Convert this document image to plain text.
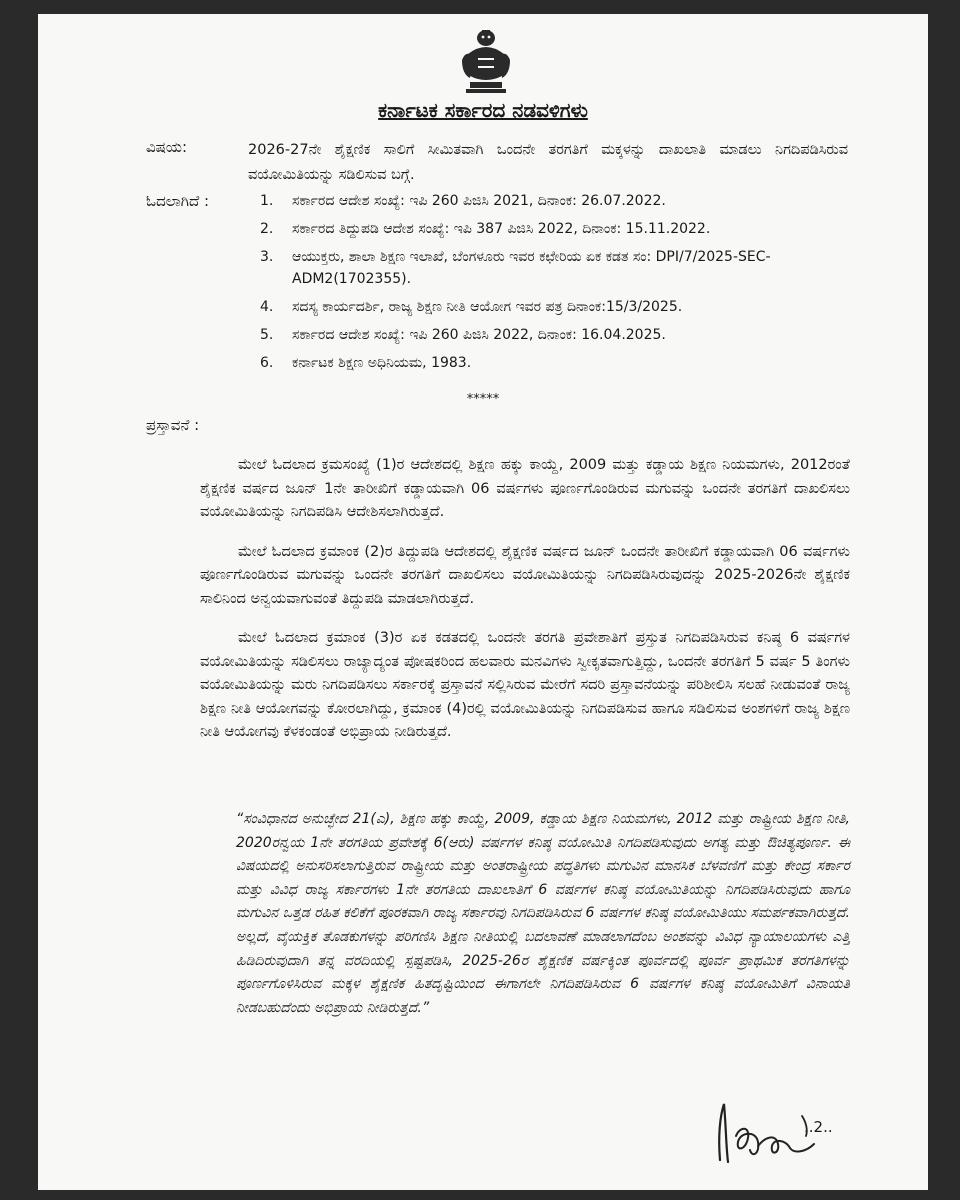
ಕರ್ನಾಟಕ ಸರ್ಕಾರದ ನಡವಳಿಗಳು
ವಿಷಯ:	2026-27ನೇ ಶೈಕ್ಷಣಿಕ ಸಾಲಿಗೆ ಸೀಮಿತವಾಗಿ ಒಂದನೇ ತರಗತಿಗೆ ಮಕ್ಕಳನ್ನು ದಾಖಲಾತಿ ಮಾಡಲು ನಿಗದಿಪಡಿಸಿರುವ ವಯೋಮಿತಿಯನ್ನು ಸಡಿಲಿಸುವ ಬಗ್ಗೆ.
ಓದಲಾಗಿದೆ :	1. ಸರ್ಕಾರದ ಆದೇಶ ಸಂಖ್ಯೆ: ಇಪಿ 260 ಪಿಜಿಸಿ 2021, ದಿನಾಂಕ: 26.07.2022.
2. ಸರ್ಕಾರದ ತಿದ್ದುಪಡಿ ಆದೇಶ ಸಂಖ್ಯೆ: ಇಪಿ 387 ಪಿಜಿಸಿ 2022, ದಿನಾಂಕ: 15.11.2022.
3. ಆಯುಕ್ತರು, ಶಾಲಾ ಶಿಕ್ಷಣ ಇಲಾಖೆ, ಬೆಂಗಳೂರು ಇವರ ಕಛೇರಿಯ ಏಕ ಕಡತ ಸಂ: DPI/7/2025-SEC-ADM2(1702355).
4. ಸದಸ್ಯ ಕಾರ್ಯದರ್ಶಿ, ರಾಜ್ಯ ಶಿಕ್ಷಣ ನೀತಿ ಆಯೋಗ ಇವರ ಪತ್ರ ದಿನಾಂಕ:15/3/2025.
5. ಸರ್ಕಾರದ ಆದೇಶ ಸಂಖ್ಯೆ: ಇಪಿ 260 ಪಿಜಿಸಿ 2022, ದಿನಾಂಕ: 16.04.2025.
6. ಕರ್ನಾಟಕ ಶಿಕ್ಷಣ ಅಧಿನಿಯಮ, 1983.
*****
ಪ್ರಸ್ತಾವನೆ :

ಮೇಲೆ ಓದಲಾದ ಕ್ರಮಸಂಖ್ಯೆ (1)ರ ಆದೇಶದಲ್ಲಿ ಶಿಕ್ಷಣ ಹಕ್ಕು ಕಾಯ್ದೆ, 2009 ಮತ್ತು ಕಡ್ಡಾಯ ಶಿಕ್ಷಣ ನಿಯಮಗಳು, 2012ರಂತೆ ಶೈಕ್ಷಣಿಕ ವರ್ಷದ ಜೂನ್ 1ನೇ ತಾರೀಖಿಗೆ ಕಡ್ಡಾಯವಾಗಿ 06 ವರ್ಷಗಳು ಪೂರ್ಣಗೊಂಡಿರುವ ಮಗುವನ್ನು ಒಂದನೇ ತರಗತಿಗೆ ದಾಖಲಿಸಲು ವಯೋಮಿತಿಯನ್ನು ನಿಗದಿಪಡಿಸಿ ಆದೇಶಿಸಲಾಗಿರುತ್ತದೆ.

ಮೇಲೆ ಓದಲಾದ ಕ್ರಮಾಂಕ (2)ರ ತಿದ್ದುಪಡಿ ಆದೇಶದಲ್ಲಿ ಶೈಕ್ಷಣಿಕ ವರ್ಷದ ಜೂನ್ ಒಂದನೇ ತಾರೀಖಿಗೆ ಕಡ್ಡಾಯವಾಗಿ 06 ವರ್ಷಗಳು ಪೂರ್ಣಗೊಂಡಿರುವ ಮಗುವನ್ನು ಒಂದನೇ ತರಗತಿಗೆ ದಾಖಲಿಸಲು ವಯೋಮಿತಿಯನ್ನು ನಿಗದಿಪಡಿಸಿರುವುದನ್ನು 2025-2026ನೇ ಶೈಕ್ಷಣಿಕ ಸಾಲಿನಿಂದ ಅನ್ವಯವಾಗುವಂತೆ ತಿದ್ದುಪಡಿ ಮಾಡಲಾಗಿರುತ್ತದೆ.

ಮೇಲೆ ಓದಲಾದ ಕ್ರಮಾಂಕ (3)ರ ಏಕ ಕಡತದಲ್ಲಿ ಒಂದನೇ ತರಗತಿ ಪ್ರವೇಶಾತಿಗೆ ಪ್ರಸ್ತುತ ನಿಗದಿಪಡಿಸಿರುವ ಕನಿಷ್ಠ 6 ವರ್ಷಗಳ ವಯೋಮಿತಿಯನ್ನು ಸಡಿಲಿಸಲು ರಾಜ್ಯಾದ್ಯಂತ ಪೋಷಕರಿಂದ ಹಲವಾರು ಮನವಿಗಳು ಸ್ವೀಕೃತವಾಗುತ್ತಿದ್ದು, ಒಂದನೇ ತರಗತಿಗೆ 5 ವರ್ಷ 5 ತಿಂಗಳು ವಯೋಮಿತಿಯನ್ನು ಮರು ನಿಗದಿಪಡಿಸಲು ಸರ್ಕಾರಕ್ಕೆ ಪ್ರಸ್ತಾವನೆ ಸಲ್ಲಿಸಿರುವ ಮೇರೆಗೆ ಸದರಿ ಪ್ರಸ್ತಾವನೆಯನ್ನು ಪರಿಶೀಲಿಸಿ ಸಲಹೆ ನೀಡುವಂತೆ ರಾಜ್ಯ ಶಿಕ್ಷಣ ನೀತಿ ಆಯೋಗವನ್ನು ಕೋರಲಾಗಿದ್ದು, ಕ್ರಮಾಂಕ (4)ರಲ್ಲಿ ವಯೋಮಿತಿಯನ್ನು ನಿಗದಿಪಡಿಸುವ ಹಾಗೂ ಸಡಿಲಿಸುವ ಅಂಶಗಳಿಗೆ ರಾಜ್ಯ ಶಿಕ್ಷಣ ನೀತಿ ಆಯೋಗವು ಕೆಳಕಂಡಂತೆ ಅಭಿಪ್ರಾಯ ನೀಡಿರುತ್ತದೆ.

“ಸಂವಿಧಾನದ ಅನುಚ್ಛೇದ 21(ಎ), ಶಿಕ್ಷಣ ಹಕ್ಕು ಕಾಯ್ದೆ, 2009, ಕಡ್ಡಾಯ ಶಿಕ್ಷಣ ನಿಯಮಗಳು, 2012 ಮತ್ತು ರಾಷ್ಟ್ರೀಯ ಶಿಕ್ಷಣ ನೀತಿ, 2020ರನ್ವಯ 1ನೇ ತರಗತಿಯ ಪ್ರವೇಶಕ್ಕೆ 6(ಆರು) ವರ್ಷಗಳ ಕನಿಷ್ಠ ವಯೋಮಿತಿ ನಿಗದಿಪಡಿಸುವುದು ಅಗತ್ಯ ಮತ್ತು ಔಚಿತ್ಯಪೂರ್ಣ. ಈ ವಿಷಯದಲ್ಲಿ ಅನುಸರಿಸಲಾಗುತ್ತಿರುವ ರಾಷ್ಟ್ರೀಯ ಮತ್ತು ಅಂತರಾಷ್ಟ್ರೀಯ ಪದ್ಧತಿಗಳು ಮಗುವಿನ ಮಾನಸಿಕ ಬೆಳವಣಿಗೆ ಮತ್ತು ಕೇಂದ್ರ ಸರ್ಕಾರ ಮತ್ತು ವಿವಿಧ ರಾಜ್ಯ ಸರ್ಕಾರಗಳು 1ನೇ ತರಗತಿಯ ದಾಖಲಾತಿಗೆ 6 ವರ್ಷಗಳ ಕನಿಷ್ಠ ವಯೋಮಿತಿಯನ್ನು ನಿಗದಿಪಡಿಸಿರುವುದು ಹಾಗೂ ಮಗುವಿನ ಒತ್ತಡ ರಹಿತ ಕಲಿಕೆಗೆ ಪೂರಕವಾಗಿ ರಾಜ್ಯ ಸರ್ಕಾರವು ನಿಗದಿಪಡಿಸಿರುವ 6 ವರ್ಷಗಳ ಕನಿಷ್ಠ ವಯೋಮಿತಿಯು ಸಮರ್ಪಕವಾಗಿರುತ್ತದೆ. ಅಲ್ಲದೆ, ವೈಯಕ್ತಿಕ ತೊಡಕುಗಳನ್ನು ಪರಿಗಣಿಸಿ ಶಿಕ್ಷಣ ನೀತಿಯಲ್ಲಿ ಬದಲಾವಣೆ ಮಾಡಲಾಗದೆಂಬ ಅಂಶವನ್ನು ವಿವಿಧ ನ್ಯಾಯಾಲಯಗಳು ಎತ್ತಿ ಹಿಡಿದಿರುವುದಾಗಿ ತನ್ನ ವರದಿಯಲ್ಲಿ ಸ್ಪಷ್ಟಪಡಿಸಿ, 2025-26ರ ಶೈಕ್ಷಣಿಕ ವರ್ಷಕ್ಕಿಂತ ಪೂರ್ವದಲ್ಲಿ ಪೂರ್ವ ಪ್ರಾಥಮಿಕ ತರಗತಿಗಳನ್ನು ಪೂರ್ಣಗೊಳಿಸಿರುವ ಮಕ್ಕಳ ಶೈಕ್ಷಣಿಕ ಹಿತದೃಷ್ಟಿಯಿಂದ ಈಗಾಗಲೇ ನಿಗದಿಪಡಿಸಿರುವ 6 ವರ್ಷಗಳ ಕನಿಷ್ಠ ವಯೋಮಿತಿಗೆ ವಿನಾಯತಿ ನೀಡಬಹುದೆಂದು ಅಭಿಪ್ರಾಯ ನೀಡಿರುತ್ತದೆ.”
..2..
